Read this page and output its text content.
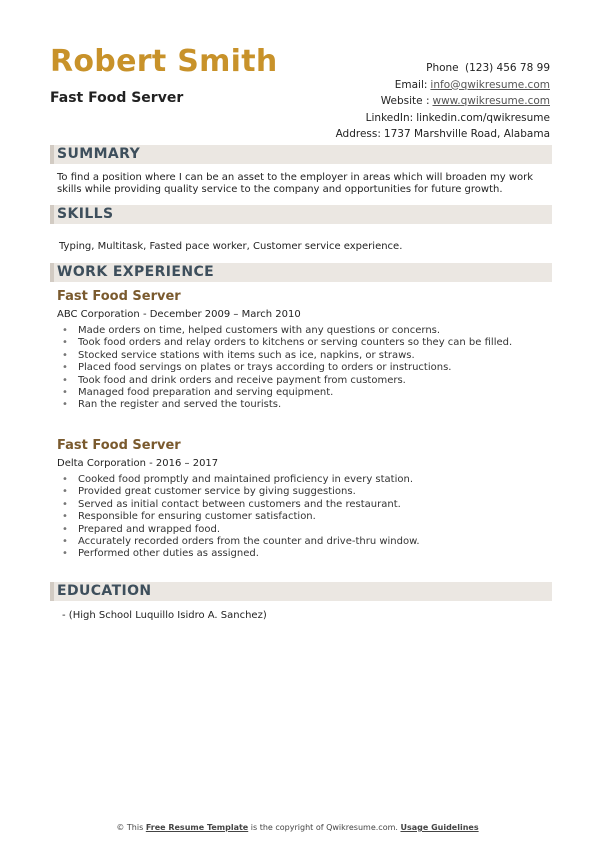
Robert Smith
Fast Food Server
Phone (123) 456 78 99
Email: info@qwikresume.com
Website : www.qwikresume.com
LinkedIn: linkedin.com/qwikresume
Address: 1737 Marshville Road, Alabama
SUMMARY
To find a position where I can be an asset to the employer in areas which will broaden my work skills while providing quality service to the company and opportunities for future growth.
SKILLS
Typing, Multitask, Fasted pace worker, Customer service experience.
WORK EXPERIENCE
Fast Food Server
ABC Corporation - December 2009 – March 2010
• Made orders on time, helped customers with any questions or concerns.
• Took food orders and relay orders to kitchens or serving counters so they can be filled.
• Stocked service stations with items such as ice, napkins, or straws.
• Placed food servings on plates or trays according to orders or instructions.
• Took food and drink orders and receive payment from customers.
• Managed food preparation and serving equipment.
• Ran the register and served the tourists.
Fast Food Server
Delta Corporation - 2016 – 2017
• Cooked food promptly and maintained proficiency in every station.
• Provided great customer service by giving suggestions.
• Served as initial contact between customers and the restaurant.
• Responsible for ensuring customer satisfaction.
• Prepared and wrapped food.
• Accurately recorded orders from the counter and drive-thru window.
• Performed other duties as assigned.
EDUCATION
- (High School Luquillo Isidro A. Sanchez)
© This Free Resume Template is the copyright of Qwikresume.com. Usage Guidelines
